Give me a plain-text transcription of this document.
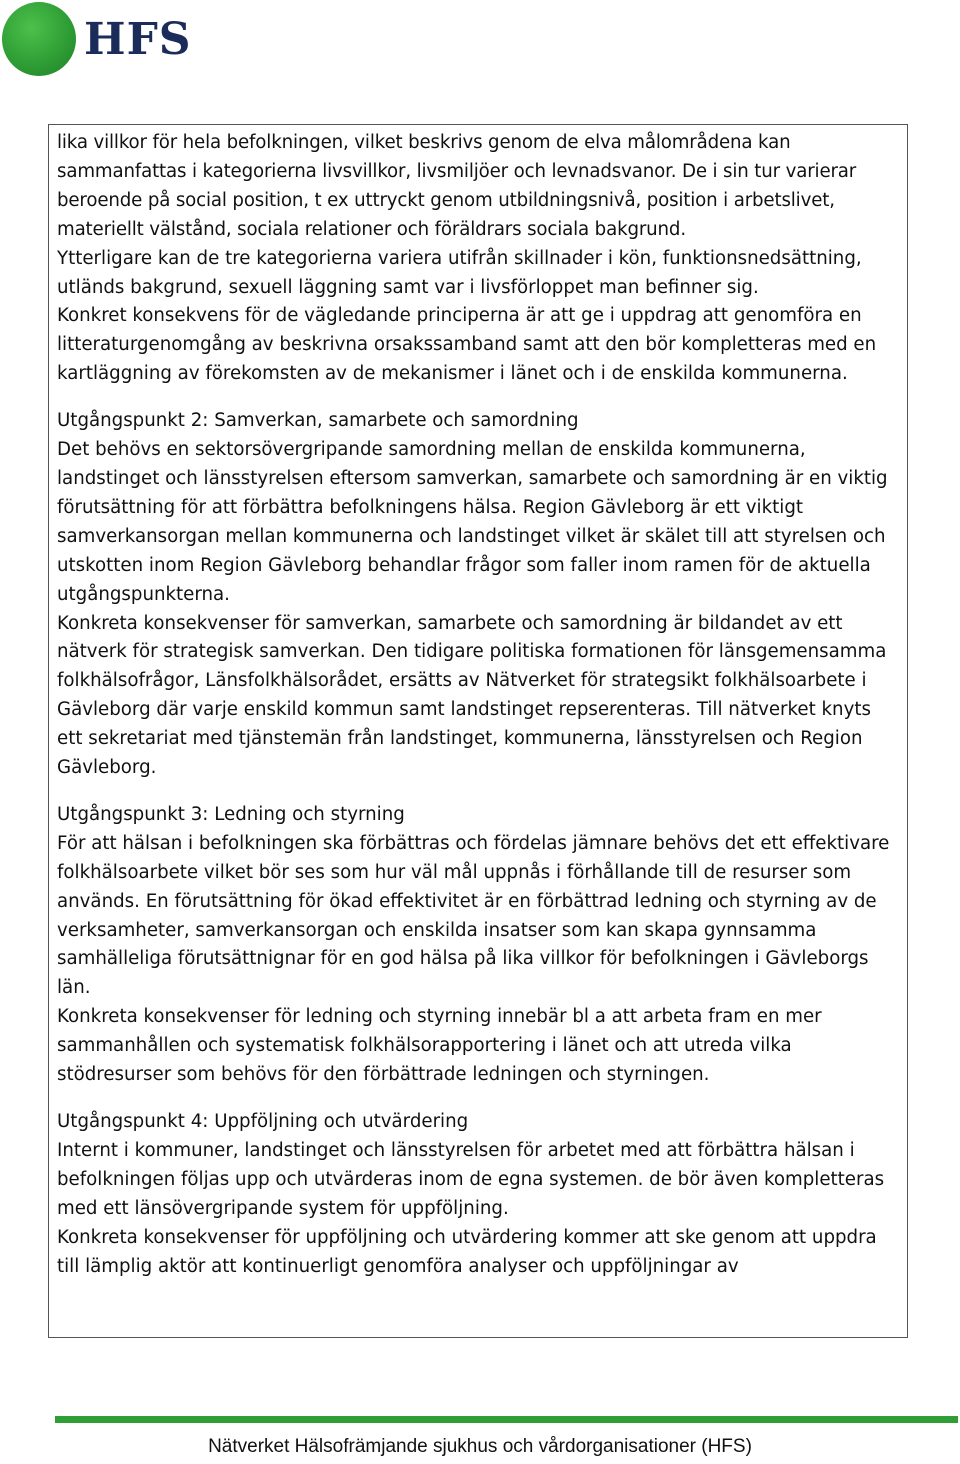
HFS

lika villkor för hela befolkningen, vilket beskrivs genom de elva målområdena kan sammanfattas i kategorierna livsvillkor, livsmiljöer och levnadsvanor. De i sin tur varierar beroende på social position, t ex uttryckt genom utbildningsnivå, position i arbetslivet, materiellt välstånd, sociala relationer och föräldrars sociala bakgrund.

Ytterligare kan de tre kategorierna variera utifrån skillnader i kön, funktionsnedsättning, utländs bakgrund, sexuell läggning samt var i livsförloppet man befinner sig.

Konkret konsekvens för de vägledande principerna är att ge i uppdrag att genomföra en litteraturgenomgång av beskrivna orsakssamband samt att den bör kompletteras med en kartläggning av förekomsten av de mekanismer i länet och i de enskilda kommunerna.

Utgångspunkt 2: Samverkan, samarbete och samordning

Det behövs en sektorsövergripande samordning mellan de enskilda kommunerna, landstinget och länsstyrelsen eftersom samverkan, samarbete och samordning är en viktig förutsättning för att förbättra befolkningens hälsa. Region Gävleborg är ett viktigt samverkansorgan mellan kommunerna och landstinget vilket är skälet till att styrelsen och utskotten inom Region Gävleborg behandlar frågor som faller inom ramen för de aktuella utgångspunkterna.

Konkreta konsekvenser för samverkan, samarbete och samordning är bildandet av ett nätverk för strategisk samverkan. Den tidigare politiska formationen för länsgemensamma folkhälsofrågor, Länsfolkhälsorådet, ersätts av Nätverket för strategsikt folkhälsoarbete i Gävleborg där varje enskild kommun samt landstinget repserenteras. Till nätverket knyts ett sekretariat med tjänstemän från landstinget, kommunerna, länsstyrelsen och Region Gävleborg.

Utgångspunkt 3: Ledning och styrning

För att hälsan i befolkningen ska förbättras och fördelas jämnare behövs det ett effektivare folkhälsoarbete vilket bör ses som hur väl mål uppnås i förhållande till de resurser som används. En förutsättning för ökad effektivitet är en förbättrad ledning och styrning av de verksamheter, samverkansorgan och enskilda insatser som kan skapa gynnsamma samhälleliga förutsättnignar för en god hälsa på lika villkor för befolkningen i Gävleborgs län.

Konkreta konsekvenser för ledning och styrning innebär bl a att arbeta fram en mer sammanhållen och systematisk folkhälsorapportering i länet och att utreda vilka stödresurser som behövs för den förbättrade ledningen och styrningen.

Utgångspunkt 4: Uppföljning och utvärdering

Internt i kommuner, landstinget och länsstyrelsen för arbetet med att förbättra hälsan i befolkningen följas upp och utvärderas inom de egna systemen. de bör även kompletteras med ett länsövergripande system för uppföljning.

Konkreta konsekvenser för uppföljning och utvärdering kommer att ske genom att uppdra till lämplig aktör att kontinuerligt genomföra analyser och uppföljningar av

Nätverket Hälsofrämjande sjukhus och vårdorganisationer (HFS)
